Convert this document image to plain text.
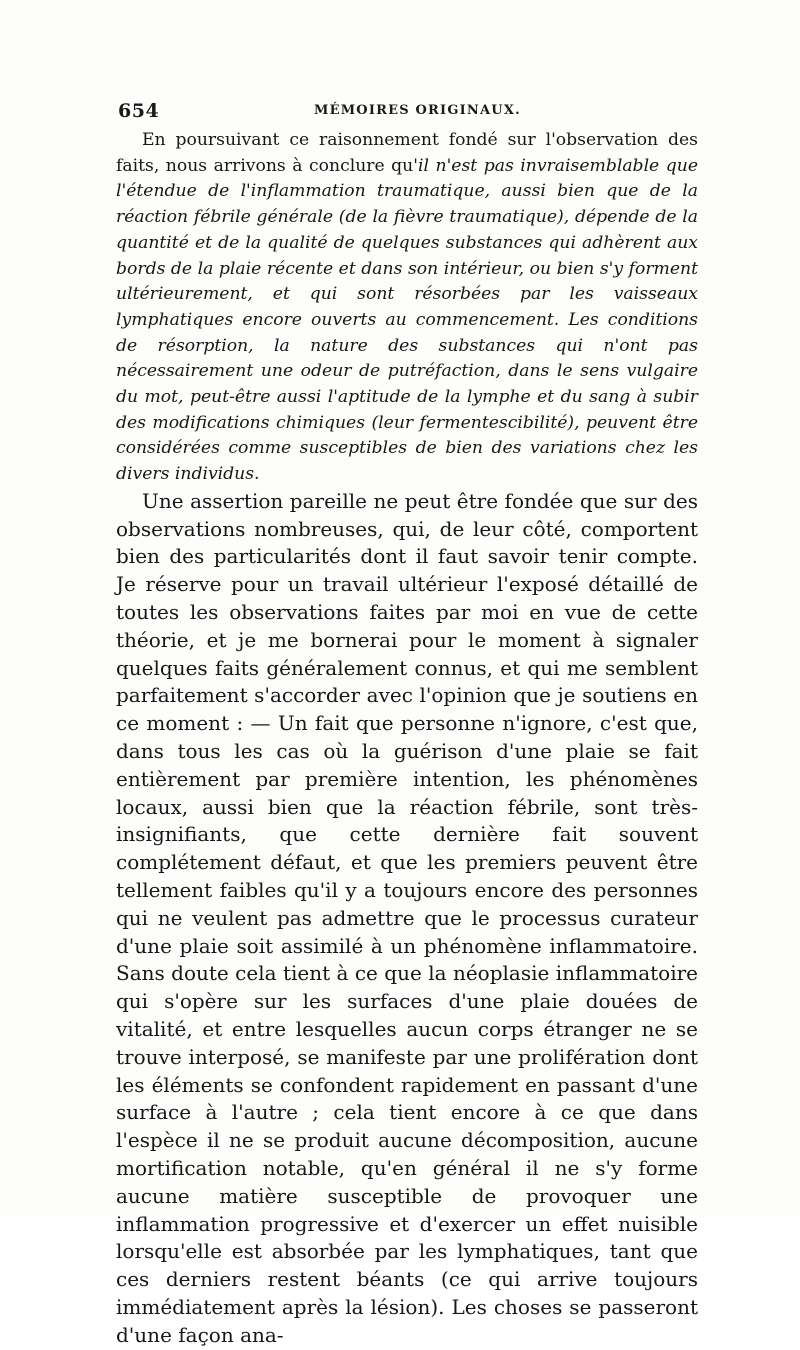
654	MÉMOIRES ORIGINAUX.

En poursuivant ce raisonnement fondé sur l'observation des faits, nous arrivons à conclure qu'il n'est pas invraisemblable que l'étendue de l'inflammation traumatique, aussi bien que de la réaction fébrile générale (de la fièvre traumatique), dépende de la quantité et de la qualité de quelques substances qui adhèrent aux bords de la plaie récente et dans son intérieur, ou bien s'y forment ultérieurement, et qui sont résorbées par les vaisseaux lymphatiques encore ouverts au commencement. Les conditions de résorption, la nature des substances qui n'ont pas nécessairement une odeur de putréfaction, dans le sens vulgaire du mot, peut-être aussi l'aptitude de la lymphe et du sang à subir des modifications chimiques (leur fermentescibilité), peuvent être considérées comme susceptibles de bien des variations chez les divers individus.

Une assertion pareille ne peut être fondée que sur des observations nombreuses, qui, de leur côté, comportent bien des particularités dont il faut savoir tenir compte. Je réserve pour un travail ultérieur l'exposé détaillé de toutes les observations faites par moi en vue de cette théorie, et je me bornerai pour le moment à signaler quelques faits généralement connus, et qui me semblent parfaitement s'accorder avec l'opinion que je soutiens en ce moment : — Un fait que personne n'ignore, c'est que, dans tous les cas où la guérison d'une plaie se fait entièrement par première intention, les phénomènes locaux, aussi bien que la réaction fébrile, sont très-insignifiants, que cette dernière fait souvent complétement défaut, et que les premiers peuvent être tellement faibles qu'il y a toujours encore des personnes qui ne veulent pas admettre que le processus curateur d'une plaie soit assimilé à un phénomène inflammatoire. Sans doute cela tient à ce que la néoplasie inflammatoire qui s'opère sur les surfaces d'une plaie douées de vitalité, et entre lesquelles aucun corps étranger ne se trouve interposé, se manifeste par une prolifération dont les éléments se confondent rapidement en passant d'une surface à l'autre ; cela tient encore à ce que dans l'espèce il ne se produit aucune décomposition, aucune mortification notable, qu'en général il ne s'y forme aucune matière susceptible de provoquer une inflammation progressive et d'exercer un effet nuisible lorsqu'elle est absorbée par les lymphatiques, tant que ces derniers restent béants (ce qui arrive toujours immédiatement après la lésion). Les choses se passeront d'une façon ana-
